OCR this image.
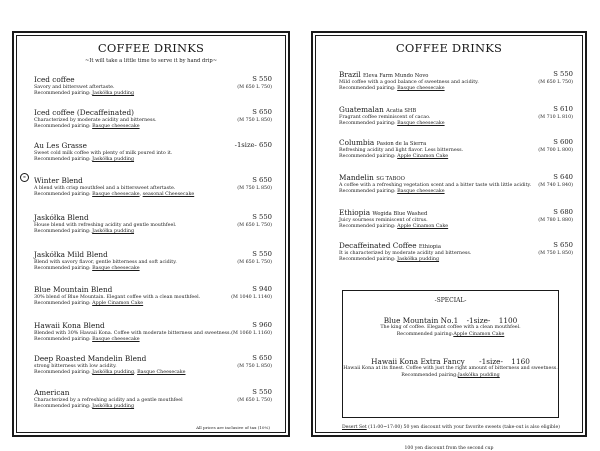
COFFEE DRINKS
~It will take a little time to serve it by hand drip~
≡
Iced coffee	S 550
Savory and bitterswet aftertaste.	(M 650 L 750)
Recommended pairing: Jaskółka pudding
Iced coffee (Decaffeinated)	S 650
Characterized by moderate acidity and bitterness.	(M 750 L 850)
Recommended pairing: Basque cheesecake
Au Les Grasse	-1size- 650
Sweet cold milk coffee with plenty of milk poured into it.
Recommended pairing: Jaskółka pudding
Winter Blend	S 650
A blend with crisp mouthfeel and a bittersweet aftertaste.	(M 750 L 850)
Recommended pairing: Basque cheesecake, seasonal Cheesecake
Jaskółka Blend	S 550
House blend with refreshing acidity and gentle mouthfeel.	(M 650 L 750)
Recommended pairing: Jaskółka pudding
Jaskółka Mild Blend	S 550
Blend with savory flavor, gentle bitterness and soft acidity.	(M 650 L 750)
Recommended pairing: Basque cheesecake
Blue Mountain Blend	S 940
30% blend of Blue Mountain. Elegant coffee with a clean mouthfeel.	(M 1040 L 1140)
Recommended pairing: Apple Cinamon Cake
Hawaii Kona Blend	S 960
Blended with 30% Hawaii Kona. Coffee with moderate bitterness and sweetness. (M 1060 L 1160)
Recommended pairing: Basque cheesecake
Deep Roasted Mandelin Blend	S 650
strong bitterness with low acidity.	(M 750 L 850)
Recommended pairing: Jaskółka pudding, Basque Cheesecake
American	S 550
Characterized by a refreshing acidity and a gentle mouthfeel	(M 650 L 750)
Recommended pairing: Jaskółka pudding
All prices are inclusive of tax (10%)
COFFEE DRINKS
Brazil Eleva Farm Mundo Novo	S 550
Mild coffee with a good balance of sweetness and acidity.	(M 650 L 750)
Recommended pairing: Basque cheesecake
Guatemalan Acatia SHB	S 610
Fragrant coffee reminiscent of cacao.	(M 710 L 810)
Recommended pairing: Basque cheesecake
Columbia Pasion de la Sierra	S 600
Refreshing acidity and light flavor. Less bitterness.	(M 700 L 800)
Recommended pairing: Apple Cinamon Cake
Mandelin SG TABOO	S 640
A coffee with a refreshing vegetation scent and a bitter taste with little acidity. (M 740 L 840)
Recommended pairing: Basque cheesecake
Ethiopia Wegida Blue Washed	S 680
Juicy sourness reminiscent of citrus.	(M 780 L 880)
Recommended pairing: Apple Cinamon Cake
Decaffeinated Coffee Ethiopia	S 650
It is characterized by moderate acidity and bitterness.	(M 750 L 850)
Recommended pairing: Jaskółka pudding
-SPECIAL-
Blue Mountain No.1 -1size- 1100
The king of coffee. Elegant coffee with a clean mouthfeel.
Recommended pairing:Apple Cinamon Cake
Hawaii Kona Extra Fancy -1size- 1160
Hawaii Kona at its finest. Coffee with just the right amount of bitterness and sweetness.
Recommended pairing:Jaskółka pudding
Desert Set (11:00~17:00) 50 yen discount with your favorite sweets (take-out is also eligible)
100 yen discount from the second cup
